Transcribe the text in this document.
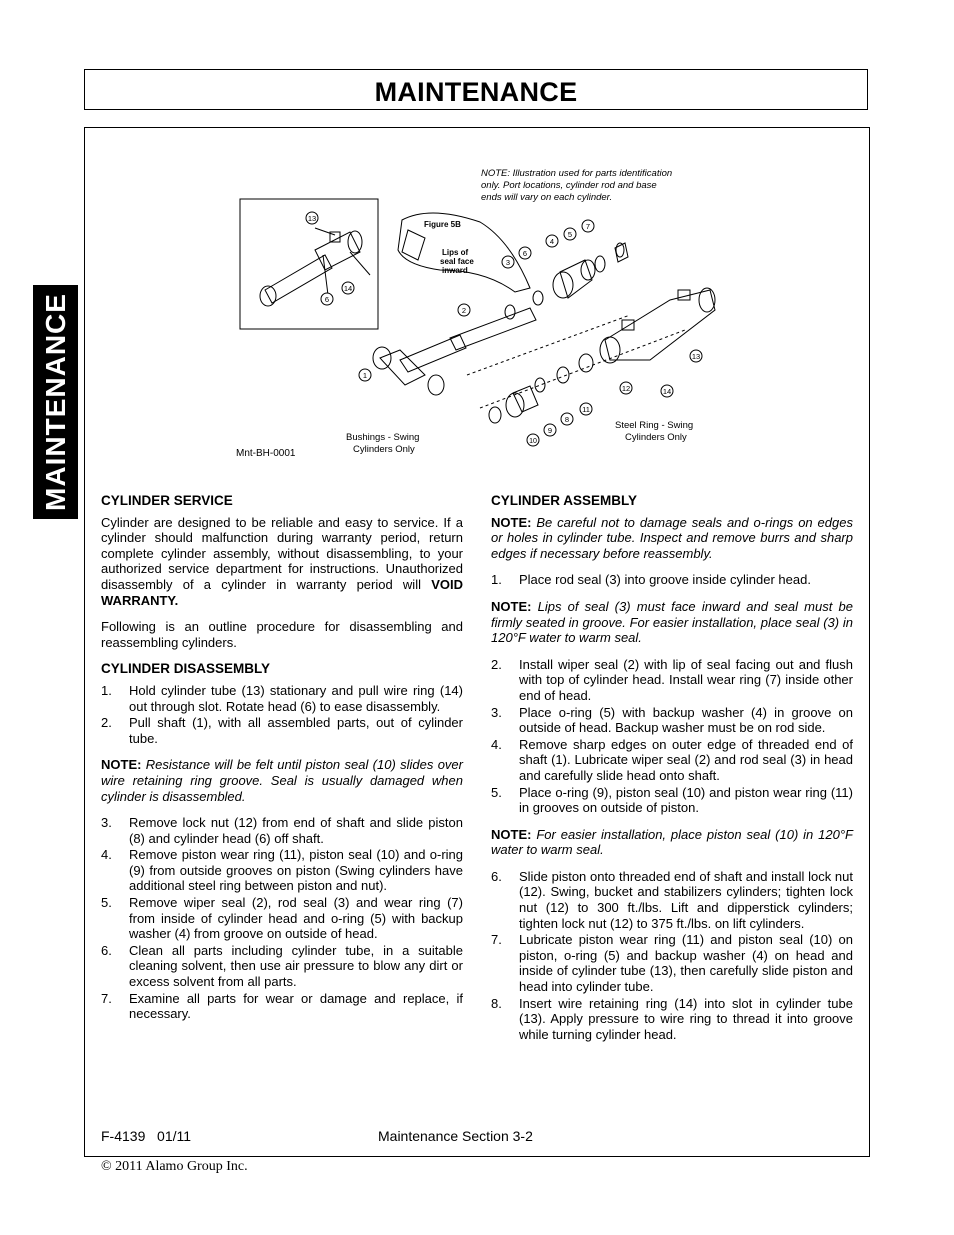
MAINTENANCE
MAINTENANCE
NOTE: Illustration used for parts identification
only. Port locations, cylinder rod and base
ends will vary on each cylinder.
13
6
14
Figure 5B
Lips of
seal face
inward
1
2
3
6
4
5
7
13
12	14
11
8
9
10
Bushings - Swing
Cylinders Only
Steel Ring - Swing
Cylinders Only
Mnt-BH-0001
CYLINDER SERVICE

Cylinder are designed to be reliable and easy to service. If a cylinder should malfunction during warranty period, return complete cylinder assembly, without disassembling, to your authorized service department for instructions. Unauthorized disassembly of a cylinder in warranty period will VOID WARRANTY.

Following is an outline procedure for disassembling and reassembling cylinders.

CYLINDER DISASSEMBLY
1. Hold cylinder tube (13) stationary and pull wire ring (14) out through slot. Rotate head (6) to ease disassembly.
2. Pull shaft (1), with all assembled parts, out of cylinder tube.
NOTE: Resistance will be felt until piston seal (10) slides over wire retaining ring groove. Seal is usually damaged when cylinder is disassembled.
3. Remove lock nut (12) from end of shaft and slide piston (8) and cylinder head (6) off shaft.
4. Remove piston wear ring (11), piston seal (10) and o-ring (9) from outside grooves on piston (Swing cylinders have additional steel ring between piston and nut).
5. Remove wiper seal (2), rod seal (3) and wear ring (7) from inside of cylinder head and o-ring (5) with backup washer (4) from groove on outside of head.
6. Clean all parts including cylinder tube, in a suitable cleaning solvent, then use air pressure to blow any dirt or excess solvent from all parts.
7. Examine all parts for wear or damage and replace, if necessary.
CYLINDER ASSEMBLY
NOTE: Be careful not to damage seals and o-rings on edges or holes in cylinder tube. Inspect and remove burrs and sharp edges if necessary before reassembly.
1. Place rod seal (3) into groove inside cylinder head.
NOTE: Lips of seal (3) must face inward and seal must be firmly seated in groove. For easier installation, place seal (3) in 120°F water to warm seal.
2. Install wiper seal (2) with lip of seal facing out and flush with top of cylinder head. Install wear ring (7) inside other end of head.
3. Place o-ring (5) with backup washer (4) in groove on outside of head. Backup washer must be on rod side.
4. Remove sharp edges on outer edge of threaded end of shaft (1). Lubricate wiper seal (2) and rod seal (3) in head and carefully slide head onto shaft.
5. Place o-ring (9), piston seal (10) and piston wear ring (11) in grooves on outside of piston.
NOTE: For easier installation, place piston seal (10) in 120°F water to warm seal.
6. Slide piston onto threaded end of shaft and install lock nut (12). Swing, bucket and stabilizers cylinders; tighten lock nut (12) to 300 ft./lbs. Lift and dipperstick cylinders; tighten lock nut (12) to 375 ft./lbs. on lift cylinders.
7. Lubricate piston wear ring (11) and piston seal (10) on piston, o-ring (5) and backup washer (4) on head and inside of cylinder tube (13), then carefully slide piston and head into cylinder tube.
8. Insert wire retaining ring (14) into slot in cylinder tube (13). Apply pressure to wire ring to thread it into groove while turning cylinder head.
F-4139   01/11	Maintenance Section 3-2
© 2011 Alamo Group Inc.
